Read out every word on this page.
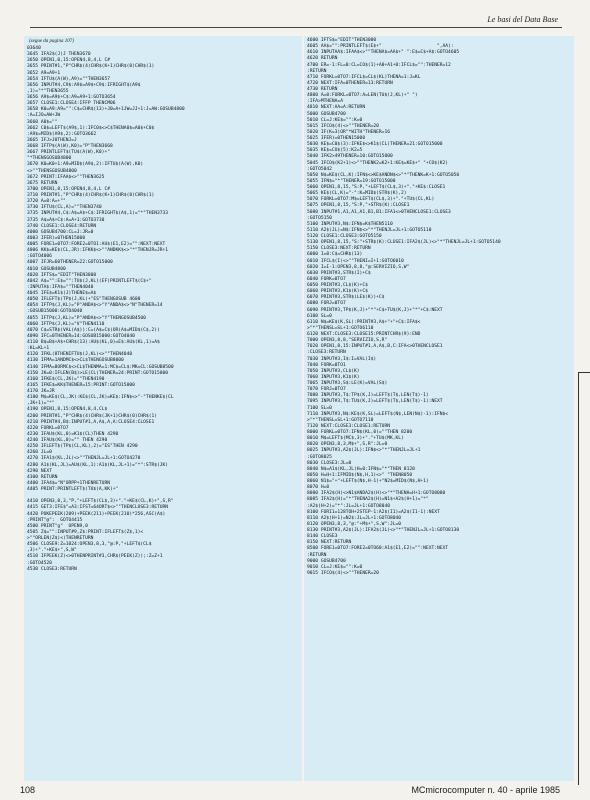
Le basi del Data Base
(segue da pagina 107)
03640
3645 IFA2$(J)J THEN3670
3650 OPEN1,0,15:OPEN4,8,4,L C#
3655 PRINT#1,"P"CHR$(4)CHR$(K+1)CHR$(0)CHR$(1)
3652 A9=A9+1
3654 IFTU$(A(W),A9)=""THEN3657
3656 INPUT#4,C9$:A9$=A9$+C9$:IFRIGHT$(A9$
,1)="*"THEN3655
3656 A9$=A9$+C$:A9=A9+1:GOTO3654
3657 CLOSE1:CLOSE4:IFFP THENCM06
3658 K0=A9:A9="":C$=CHR$(13)+J0=A+1JW=JJ+1:J=AW:GOSUB4800
:A=IJO=AW+JW
3660 A0$=""
3662 C0$=LEFT$(A9$,1):IFC0$<>C$THENA0$=A0$+C0$
:A9$=MID$(A9$,2):GOTO3662
3665 IFJ>J0THENJ=J
3668 IFTP$(A(W),K0)="P"THEN3668
3667 PRINTLEFT$(TU$(A(W),K0)+"
"*THENSGOSUB4800
3670 K0=K0+1:A9=MID$(A9$,2):IFTU$(A(W),K0)
<>""THENSGOSUB4800
3672 PRINT:IFAA$<>""THEN3625
3675 RETURN
3700 OPEN1,8,15:OPEN4,8,4,L C#
3710 PRINT#1,"P"CHR$(4)CHR$(K+1)CHR$(0)CHR$(1)
3720 A=0:A=+""
3730 IFTU$(CL,A)=""THEN3740
3735 INPUT#4,C$:A$=A$+C$:IFRIGHT$(A$,1)="*"THEN3733
3735 A$=A$+C$:A=A+1:GOTO3730
3740 CLOSE1:CLOSE4:RETURN
4000 GOSUB4700:CL=J:JR=0
4003 IFER)=0THEN15000
4005 FORE1=0TO7:FORE2=0TO1:AU$(E1,E2)="":NEXT:NEXT
4006 KK$=KE$(CL,JR):IFKK$<>""ANDKK$<>"*"THENJR=JR+1
:GOTO4006
4007 IFJR=60THENER=22:GOTO15000
4010 GOSUB4800
4020 IFTS$="EDIT"THEN3800
4042 A$="":E$="":TU$(J,KL)(EF)PRINTLEFT$(C$+"
:INPUTA$:IFA$=""THEN4040
4045 IFE$=K1$(J)THENE$=A$
4050 IFLEFT$(TP$(J,KL)+"ES"THENGOSUB 4600
4054 IFTP$(J,KL)="P"ANDA$<>"Y"ANDA$<>"N"THENER=14
:GOSUB15000:GOTO4040
4055 IFTP$(J,KL)="P"ANDA$<>"Y"THENGOSUB4500
4060 IFTP$(J,KL)="V"THEN4110
4070 C$=STR$(VAL(A$)):C=(A$=C$)OR(A$=MID$(C$,2))
4090 IFC=0THENER=14:GOSUB15000:GOTO4040
4110 B$=B$+A$+CHR$(13):AU$(KL,0)=E$:AU$(KL,1)=A$
:KL=KL+1
4120 IFKL(8THENIFTU$(J,KL)<>""THEN4040
4130 IFMA=1ANDMC$<>CL$THENGOSUB8000
4140 IFMA=0ORMC$<>CL$THENMA=1:MC$=CL$:MK=CL:GOSUB8500
4150 JK=0:IFLEN(B$)>LE(CL)THENER=24:PRINT:GOTO15000
4160 IFKE$(CL,JK)=""THEN4190
4165 IFKE$=KK$THENER=15:PRINT:GOTO15000
4170 JK=JR
4180 M$=KE$(CL,JK):KE$(CL,JK)=KE$:IFN$<>"-"THENKE$(CL
,JK+1)="*"
4190 OPEN1,8,15:OPEN4,8,4,CL$
4200 PRINT#1,"P"CHR$(4)CHR$(JK+1)CHR$(0)CHR$(1)
4210 PRINT#4,B$:INPUT#1,A,A$,A,A:CLOSE4:CLOSE1
4220 FORKL=0TO7
4230 IFAU$(KL,0)=K1$(CL)THEN 4290
4240 IFAU$(KL,0)="" THEN 4290
4250 IFLEFT$(TP$(CL,KL),2)="ES"THEN 4290
4260 JL=0
4270 IFA1$(KL,JL)<>""THENJL=JL+1:GOTO4270
4280 A1$(KL,JL)=AU$(KL,1):A1$(KL,JL+1)="*":STR$(JK)
4290 NEXT
4300 RETURN
4400 IFA4$="N"ORPP+1THENRETURN
4405 PRINT:PRINTLEFT$(TU$(A,KK)+"

4410 OPEN3,8,3,"P,"+LEFT$(CL$,3)+"."+KE$(CL,K)+",S,R"
4415 GET3:IFE$"=A3:IFST=64ORT$<>""THENCLOSE3:RETURN
4420 POKEPEEK(209)+PEEK(211)+PEEK(210)*256,ASC(A$)
:PRINT"@":  GOTO4415
4500 PRINT"g"  OPEN9,0
4505 Z$="":INPUT#9,Z$:PRINT:IFLEFT$(Z$,1)<
>""ORLEN(Z$)<)THENRETURN
4506 CLOSE9:Z=1024:OPEN3,8,3,"@:P,"+LEFT$(CL$
,3)+"."+KE$+",S,W"
4510 IFPEEK(Z)<>0THENPRINT#3,CHR$(PEEK(Z));:Z=Z+1
:GOTO4520
4530 CLOSE3:RETURN
4600 IFTS$="EDIT"THEN3000
4605 AA$="":PRINTLEFT$(E$+"                    ",AA):
4610 INPUTAA$:IFAA$<>""THENA$=AA$+" ":E$=C$+A$:GOTO4605
4620 RETURN
4700 ER=-1:FL=0:CL=CO$(1)+A0+A1+0:IFCL$="":THENER=12
:RETURN
4710 FORKL=0TO7:IFCL$=CL$(KL)THENA=1:J=KL
4720 NEXT:IFA=0THENER=13:RETURN
4730 RETURN
4800 A=0:FORKL=0TO7:A=LEN(TU$(J,KL)+" ")
:IFA>MTHENA=A
4810 NEXT:AA=A:RETURN
5000 GOSUB4700
5010 CL=J:KE$="":K=0
5015 IFCO$(4)<>""THENER=20
5020 IF(K=3)OR"*WITH"THENER=16
5025 IFER)=0THEN15000
5030 KE$=C0$(3):IFKE$<>K1$(CL)THENER=21:GOTO15000
5035 KE$=CO$(5):K2=5
5040 IFK2>49THENER=10:GOTO15000
5045 IFCO$(K2+1)<>""THENK2=K2+1:KE$=KE$+" "+CO$(K2)
:GOTO5042
5050 N$=KE$(CL,K):IFN$<>KE$ANDN$<>"*"THENK=K+1:GOTO5050
5055 IFN$="*"THENER=19:GOTO15000
5060 OPEN1,8,15,"S:P,"+LEFT$(CL$,3)+"."+KE$:CLOSE1
5065 KE$(CL,K)="-":K=MID$(STR$(K),2)
5070 FORKL=0TO7:M$=LEFT$(CL$,3)+"."+TU$(CL,KL)
5075 OPEN1,8,15,"S:P,"+STR$(K):CLOSE1
5080 INPUT#1,A1,A1,A1,B1,B1:IFA1<>0THENCLOSE1:CLOSE3
:GOTO5150
5100 INPUT#3,N$:IFN$=K$THEN5110
5110 A2$(JL)=N$:IFN$<>"*"THENJL=JL+1:GOTO5110
5120 CLOSE1:CLOSE3:GOTO5150
5130 OPEN1,8,15,"S:"+STR$(K):CLOSE1:IFA2$(JL)<>"*"THENJL=JL+1:GOTO5140
5150 CLOSE3:NEXT:RETURN
6000 I=0:C$=CHR$(13)
6010 IFCL$(I)<>""THENI=I+1:GOTO6010
6020 I=I-1:OPEN3,8,8,"@:SERVIZIO,S,W"
6030 PRINT#3,STR$(I)+C$
6040 FORK=0TO7
6050 PRINT#3,CL$(K)+C$
6060 PRINT#3,K1$(K)+C$
6070 PRINT#3,STR$(LE$(K))+C$
6080 FORJ=0TO7
6090 PRINT#3,TP$(K,J)+"*"+C$+TU$(K,J)+"*"+C$:NEXT
6100 SL=0
6110 N$=KE$(K,SL):PRINT#3,A$+"+"+C$:IFA$<
>"*"THENSL=SL+1:GOTO6110
6120 NEXT:CLOSE3:CLOSE15:PRINTCHR$(9):END
7000 OPEN3,8,8,"SERVIZIO,S,R"
7020 OPEN1,8,15:INPUT#1,A,A$,B,C:IFA<>0THENCLOSE1
:CLOSE3:RETURN
7030 INPUT#3,I$:I=VAL(I$)
7040 FORK=0TO1
7050 INPUT#3,CL$(K)
7060 INPUT#3,K1$(K)
7065 INPUT#3,S$:LE(K)=VAL(S$)
7070 FORJ=0TO7
7080 INPUT#3,T$:TP$(K,J)=LEFT$(T$,LEN(T$)-1)
7095 INPUT#3,T$:TU$(K,J)=LEFT$(T$,LEN(T$)-1):NEXT
7100 SL=0
7110 INPUT#3,N$:KE$(K,SL)=LEFT$(N$,LEN(N$)-1):IFN$<
>"*"THENSL=SL+1:GOTO7110
7120 NEXT:CLOSE3:CLOSE1:RETURN
8000 FORKL=0TO7:IFN$(KL,0)=""THEN 8200
8010 M$=LEFT$(MC$,3)+"."+TU$(MK,KL)
8020 OPEN3,8,3,M$+",S,R":JL=0
8025 INPUT#3,A2$(JL):IFN$<>"*"THENJL=JL+1
:GOTO8025
8030 CLOSE3:JL=0
8040 N$=A1$(KL,JL)H=0:IFN$="*"THEN 8120
8050 H=H+1:IFMID$(N$,H,1)<>" "THEN8050
8060 N1$="+"+LEFT$(N$,H-1)+"N2$=MID$(N$,H+1)
8070 H=0
8080 IFA2$(H)<>N1$ANDA2$(H)<>"*"THENH=H+1:GOTO8080
8085 IFA2$(H)="*"THENA2$(H)=N1$+A2$(H+1)="*"
:A2$(H+2)="*":JL=JL+1:GOTO8040
8100 FORI1=128TOH+2STEP-1:A2$(I1)=A2$(I1-1):NEXT
8110 A2$(H+1)=N2$:JL=JL+1:GOTO8040
8120 OPEN3,8,3,"@:"+M$+",S,W":JL=0
8130 PRINT#3,A2$(JL):IFA2$(JL)<>"*"THENJL=JL+1:GOTO8130
8140 CLOSE3
8150 NEXT:RETURN
8500 FORE1=0TO7:FORE2=0TO60:A1$(E1,E2)="":NEXT:NEXT
:RETURN
9000 GOSUB4700
9010 CL=J:KE$="":K=0
9015 IFCO$(4)<>""THENER=20
108	MCmicrocomputer n. 40 - aprile 1985
